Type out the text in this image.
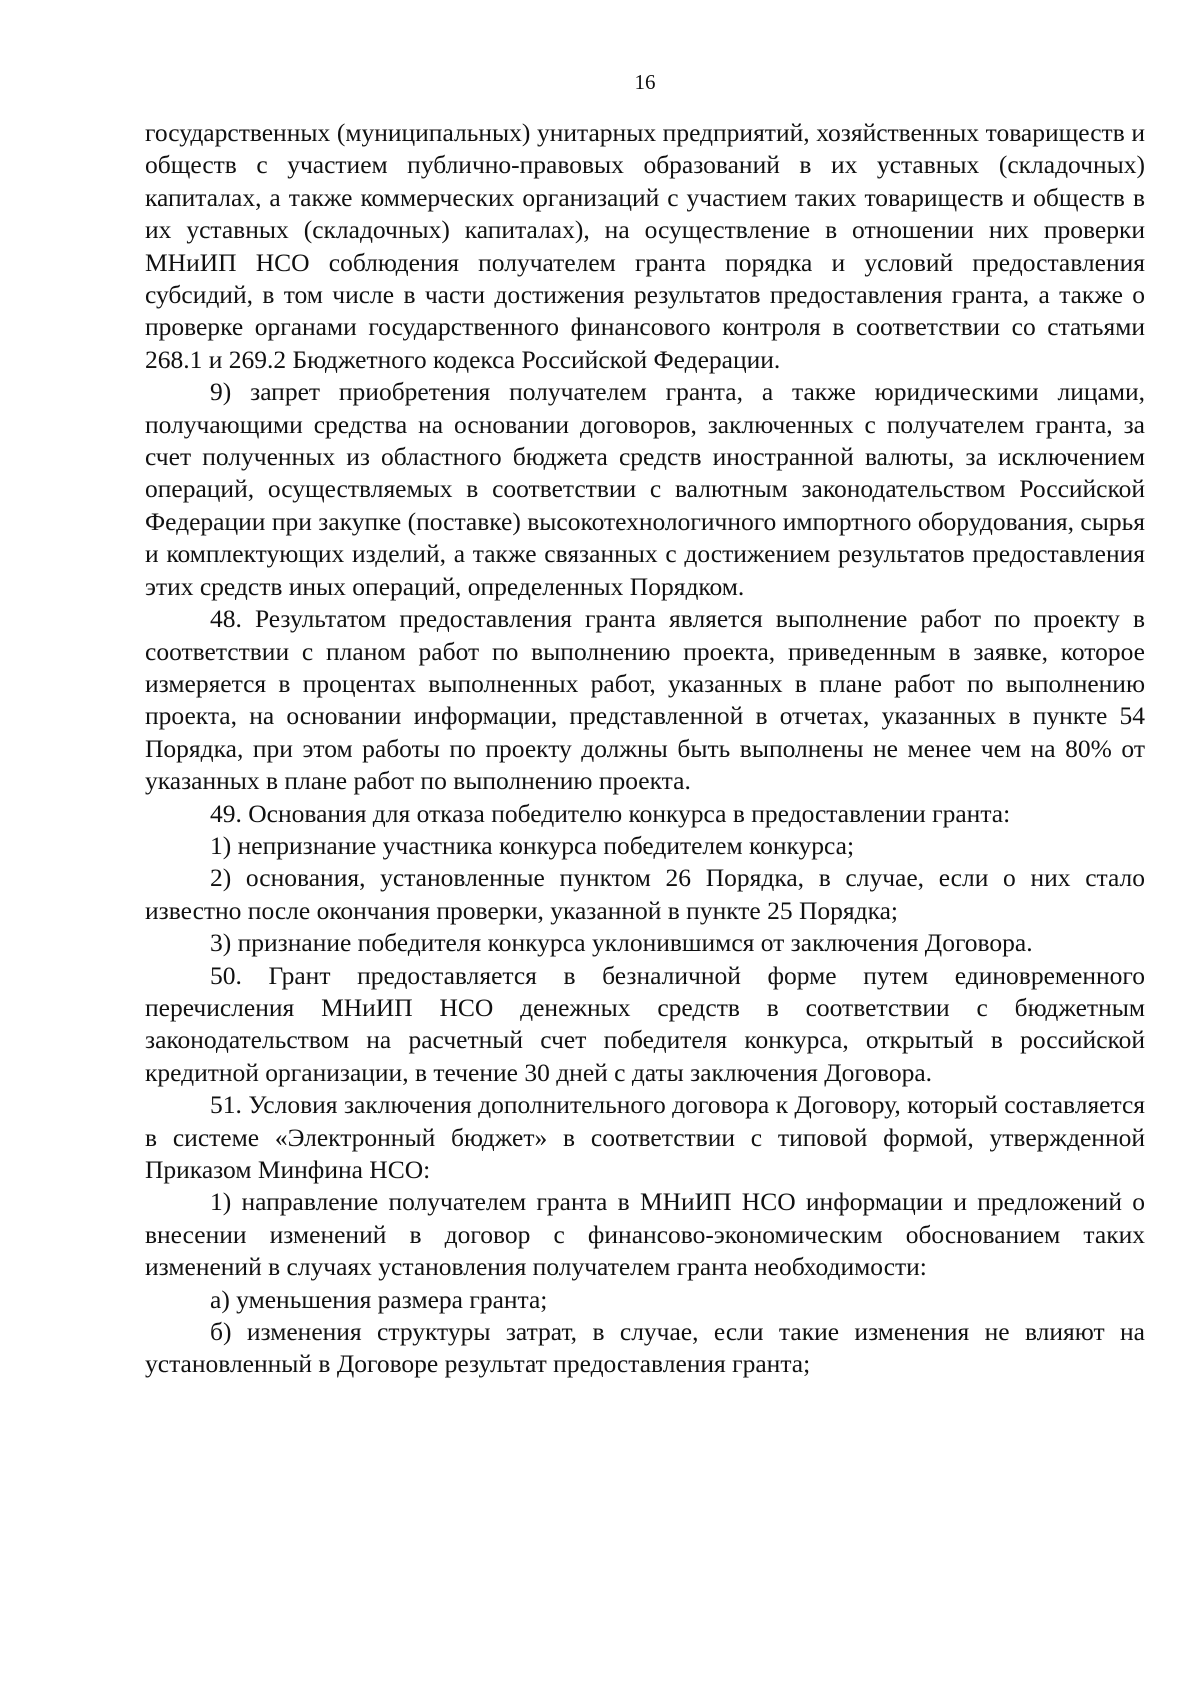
16

государственных (муниципальных) унитарных предприятий, хозяйственных товариществ и обществ с участием публично-правовых образований в их уставных (складочных) капиталах, а также коммерческих организаций с участием таких товариществ и обществ в их уставных (складочных) капиталах), на осуществление в отношении них проверки МНиИП НСО соблюдения получателем гранта порядка и условий предоставления субсидий, в том числе в части достижения результатов предоставления гранта, а также о проверке органами государственного финансового контроля в соответствии со статьями 268.1 и 269.2 Бюджетного кодекса Российской Федерации.

9) запрет приобретения получателем гранта, а также юридическими лицами, получающими средства на основании договоров, заключенных с получателем гранта, за счет полученных из областного бюджета средств иностранной валюты, за исключением операций, осуществляемых в соответствии с валютным законодательством Российской Федерации при закупке (поставке) высокотехнологичного импортного оборудования, сырья и комплектующих изделий, а также связанных с достижением результатов предоставления этих средств иных операций, определенных Порядком.

48. Результатом предоставления гранта является выполнение работ по проекту в соответствии с планом работ по выполнению проекта, приведенным в заявке, которое измеряется в процентах выполненных работ, указанных в плане работ по выполнению проекта, на основании информации, представленной в отчетах, указанных в пункте 54 Порядка, при этом работы по проекту должны быть выполнены не менее чем на 80% от указанных в плане работ по выполнению проекта.

49. Основания для отказа победителю конкурса в предоставлении гранта:

1) непризнание участника конкурса победителем конкурса;

2) основания, установленные пунктом 26 Порядка, в случае, если о них стало известно после окончания проверки, указанной в пункте 25 Порядка;

3) признание победителя конкурса уклонившимся от заключения Договора.

50. Грант предоставляется в безналичной форме путем единовременного перечисления МНиИП НСО денежных средств в соответствии с бюджетным законодательством на расчетный счет победителя конкурса, открытый в российской кредитной организации, в течение 30 дней с даты заключения Договора.

51. Условия заключения дополнительного договора к Договору, который составляется в системе «Электронный бюджет» в соответствии с типовой формой, утвержденной Приказом Минфина НСО:

1) направление получателем гранта в МНиИП НСО информации и предложений о внесении изменений в договор с финансово-экономическим обоснованием таких изменений в случаях установления получателем гранта необходимости:

а) уменьшения размера гранта;

б) изменения структуры затрат, в случае, если такие изменения не влияют на установленный в Договоре результат предоставления гранта;
